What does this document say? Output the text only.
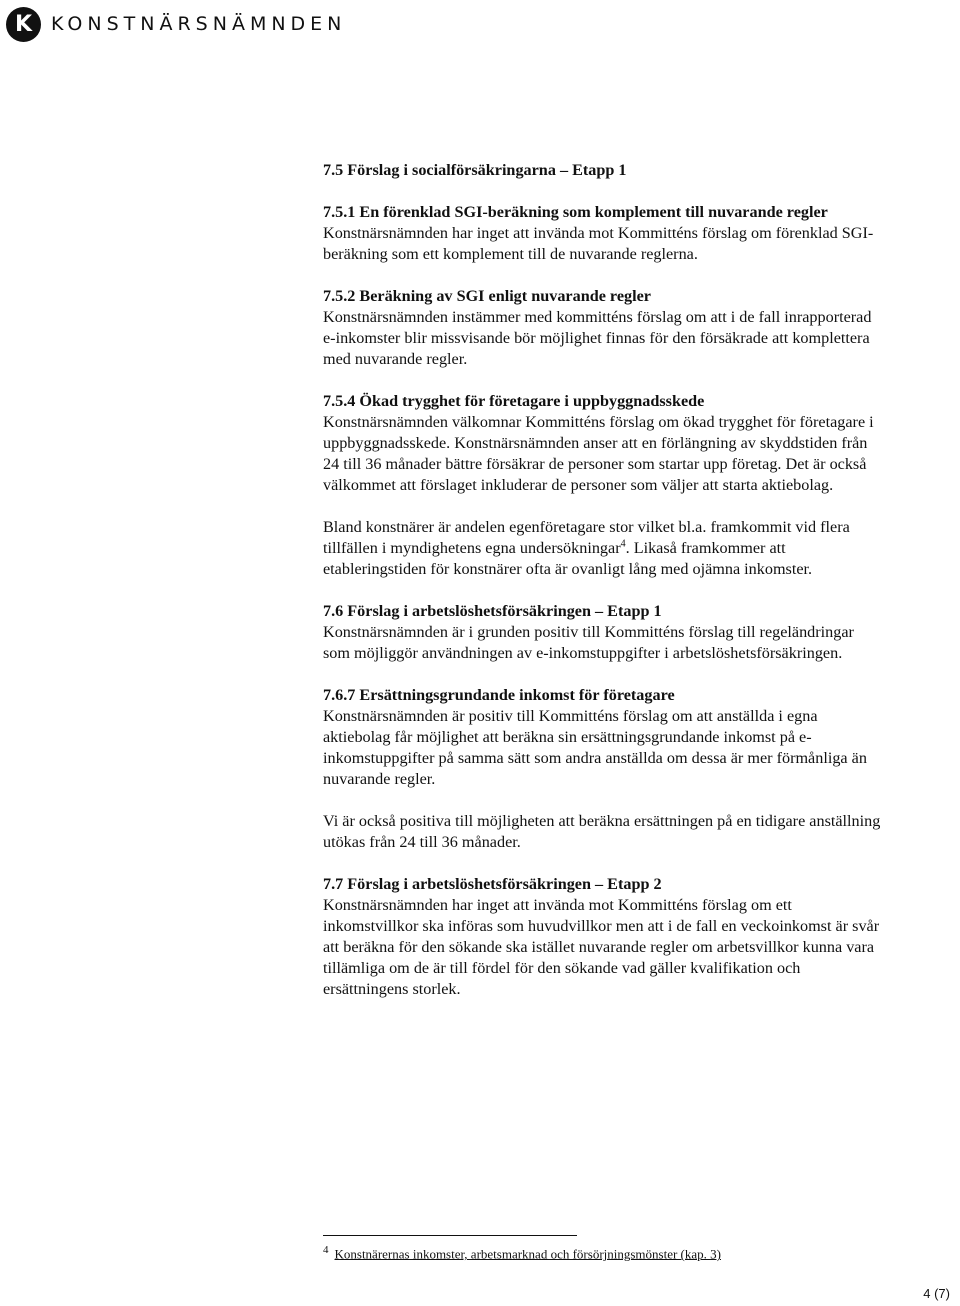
K KONSTNÄRSNÄMNDEN

7.5 Förslag i socialförsäkringarna – Etapp 1

7.5.1 En förenklad SGI-beräkning som komplement till nuvarande regler
Konstnärsnämnden har inget att invända mot Kommitténs förslag om förenklad SGI-beräkning som ett komplement till de nuvarande reglerna.

7.5.2 Beräkning av SGI enligt nuvarande regler
Konstnärsnämnden instämmer med kommitténs förslag om att i de fall inrapporterad e-inkomster blir missvisande bör möjlighet finnas för den försäkrade att komplettera med nuvarande regler.

7.5.4 Ökad trygghet för företagare i uppbyggnadsskede
Konstnärsnämnden välkomnar Kommitténs förslag om ökad trygghet för företagare i uppbyggnadsskede. Konstnärsnämnden anser att en förlängning av skyddstiden från 24 till 36 månader bättre försäkrar de personer som startar upp företag. Det är också välkommet att förslaget inkluderar de personer som väljer att starta aktiebolag.

Bland konstnärer är andelen egenföretagare stor vilket bl.a. framkommit vid flera tillfällen i myndighetens egna undersökningar$^4$. Likaså framkommer att etableringstiden för konstnärer ofta är ovanligt lång med ojämna inkomster.

7.6 Förslag i arbetslöshetsförsäkringen – Etapp 1
Konstnärsnämnden är i grunden positiv till Kommitténs förslag till regeländringar som möjliggör användningen av e-inkomstuppgifter i arbetslöshetsförsäkringen.

7.6.7 Ersättningsgrundande inkomst för företagare
Konstnärsnämnden är positiv till Kommitténs förslag om att anställda i egna aktiebolag får möjlighet att beräkna sin ersättningsgrundande inkomst på e-inkomstuppgifter på samma sätt som andra anställda om dessa är mer förmånliga än nuvarande regler.

Vi är också positiva till möjligheten att beräkna ersättningen på en tidigare anställning utökas från 24 till 36 månader.

7.7 Förslag i arbetslöshetsförsäkringen – Etapp 2
Konstnärsnämnden har inget att invända mot Kommitténs förslag om ett inkomstvillkor ska införas som huvudvillkor men att i de fall en veckoinkomst är svår att beräkna för den sökande ska istället nuvarande regler om arbetsvillkor kunna vara tillämliga om de är till fördel för den sökande vad gäller kvalifikation och ersättningens storlek.

$^4$ Konstnärernas inkomster, arbetsmarknad och försörjningsmönster (kap. 3)
4 (7)
